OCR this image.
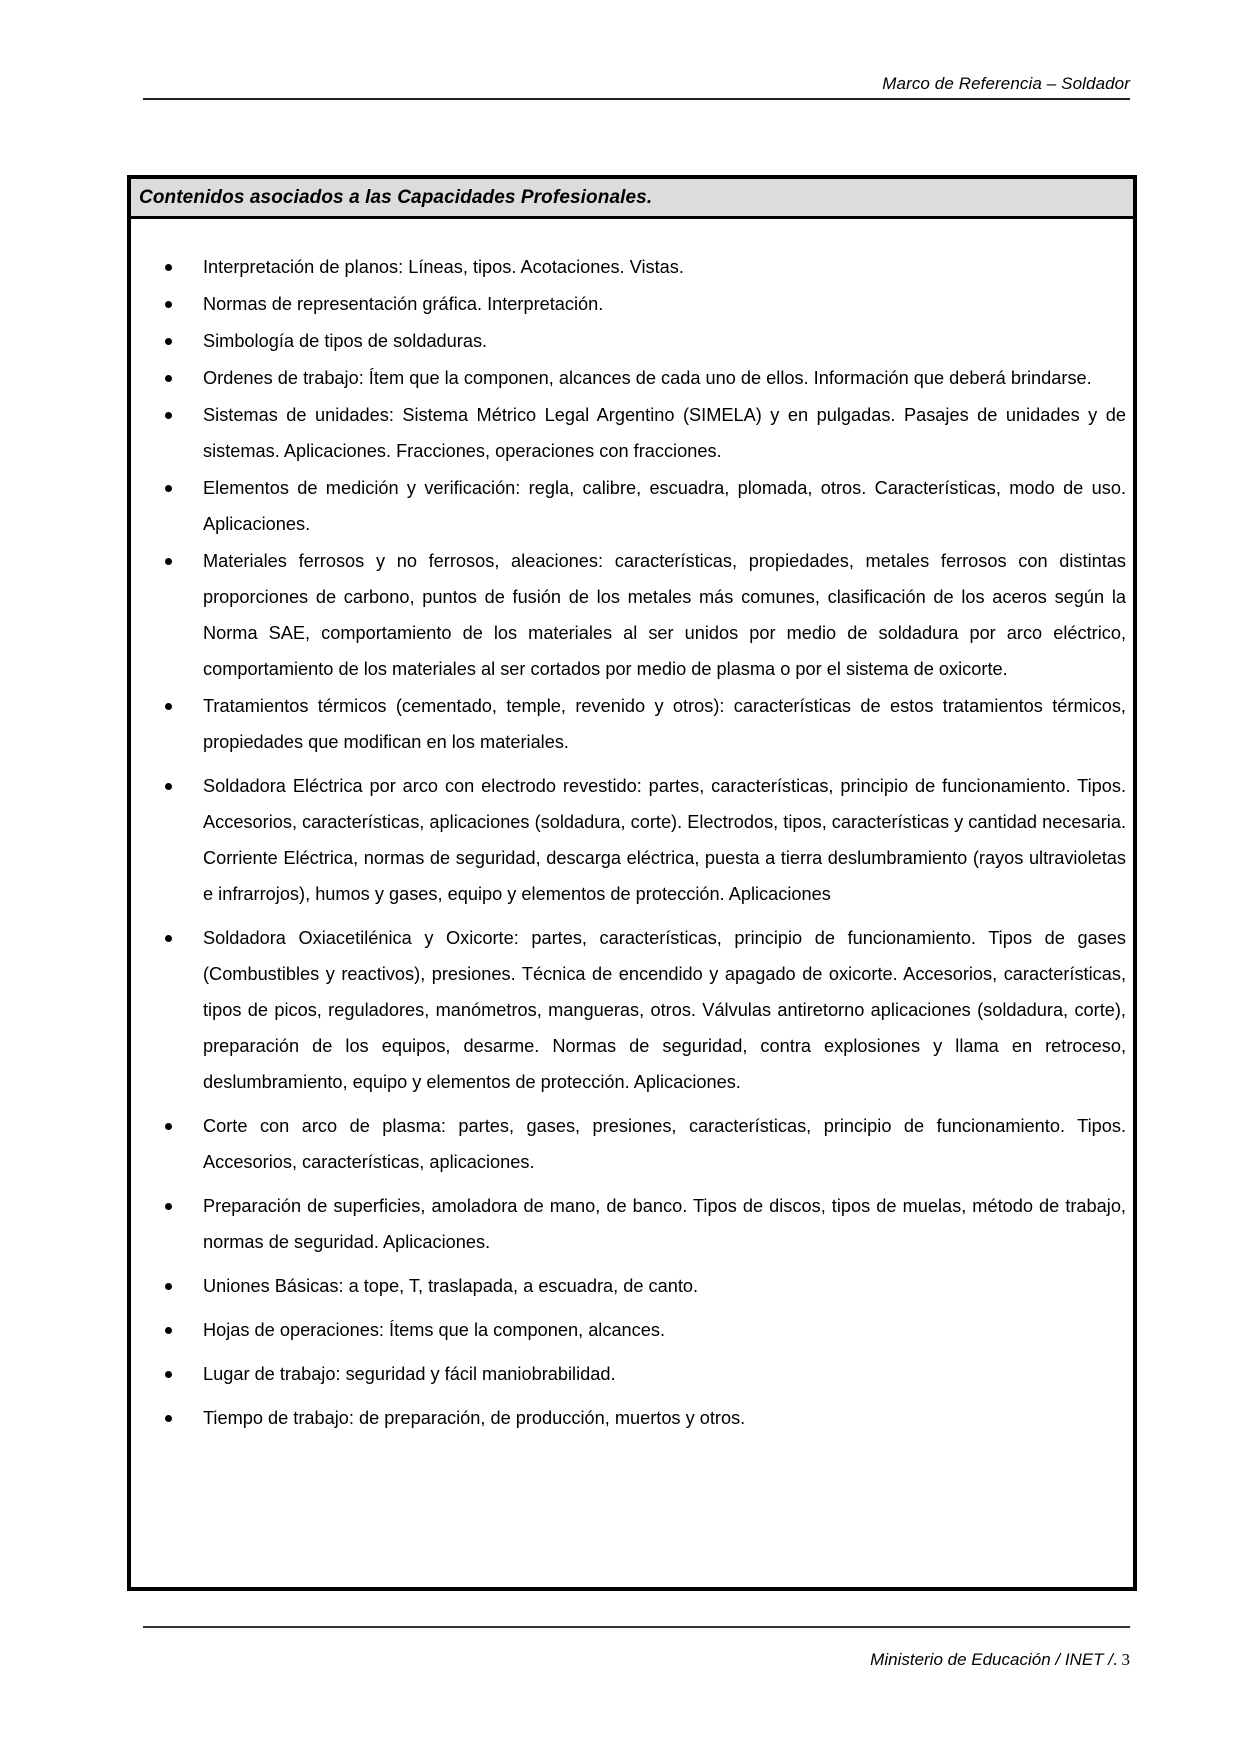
Marco de Referencia – Soldador
Contenidos asociados a las Capacidades Profesionales.
Interpretación de planos: Líneas, tipos. Acotaciones. Vistas.
Normas de representación gráfica. Interpretación.
Simbología de tipos de soldaduras.
Ordenes de trabajo: Ítem que la componen, alcances de cada uno de ellos. Información que deberá brindarse.
Sistemas de unidades: Sistema Métrico Legal Argentino (SIMELA) y en pulgadas. Pasajes de unidades y de sistemas. Aplicaciones. Fracciones, operaciones con fracciones.
Elementos de medición y verificación: regla, calibre, escuadra, plomada, otros. Características, modo de uso. Aplicaciones.
Materiales ferrosos y no ferrosos, aleaciones: características, propiedades, metales ferrosos con distintas proporciones de carbono, puntos de fusión de los metales más comunes, clasificación de los aceros según la Norma SAE, comportamiento de los materiales al ser unidos por medio de soldadura por arco eléctrico, comportamiento de los materiales al ser cortados por medio de plasma o por el sistema de oxicorte.
Tratamientos térmicos (cementado, temple, revenido y otros): características de estos tratamientos térmicos, propiedades que modifican en los materiales.
Soldadora Eléctrica por arco con electrodo revestido: partes, características, principio de funcionamiento. Tipos. Accesorios, características, aplicaciones (soldadura, corte). Electrodos, tipos, características y cantidad necesaria. Corriente Eléctrica, normas de seguridad, descarga eléctrica, puesta a tierra deslumbramiento (rayos ultravioletas e infrarrojos), humos y gases, equipo y elementos de protección. Aplicaciones
Soldadora Oxiacetilénica y Oxicorte: partes, características, principio de funcionamiento. Tipos de gases (Combustibles y reactivos), presiones. Técnica de encendido y apagado de oxicorte. Accesorios, características, tipos de picos, reguladores, manómetros, mangueras, otros. Válvulas antiretorno aplicaciones (soldadura, corte), preparación de los equipos, desarme. Normas de seguridad, contra explosiones y llama en retroceso, deslumbramiento, equipo y elementos de protección. Aplicaciones.
Corte con arco de plasma: partes, gases, presiones, características, principio de funcionamiento. Tipos. Accesorios, características, aplicaciones.
Preparación de superficies, amoladora de mano, de banco. Tipos de discos, tipos de muelas, método de trabajo, normas de seguridad. Aplicaciones.
Uniones Básicas: a tope, T, traslapada, a escuadra, de canto.
Hojas de operaciones: Ítems que la componen, alcances.
Lugar de trabajo: seguridad y fácil maniobrabilidad.
Tiempo de trabajo: de preparación, de producción, muertos y otros.
Ministerio de Educación / INET /. 3
